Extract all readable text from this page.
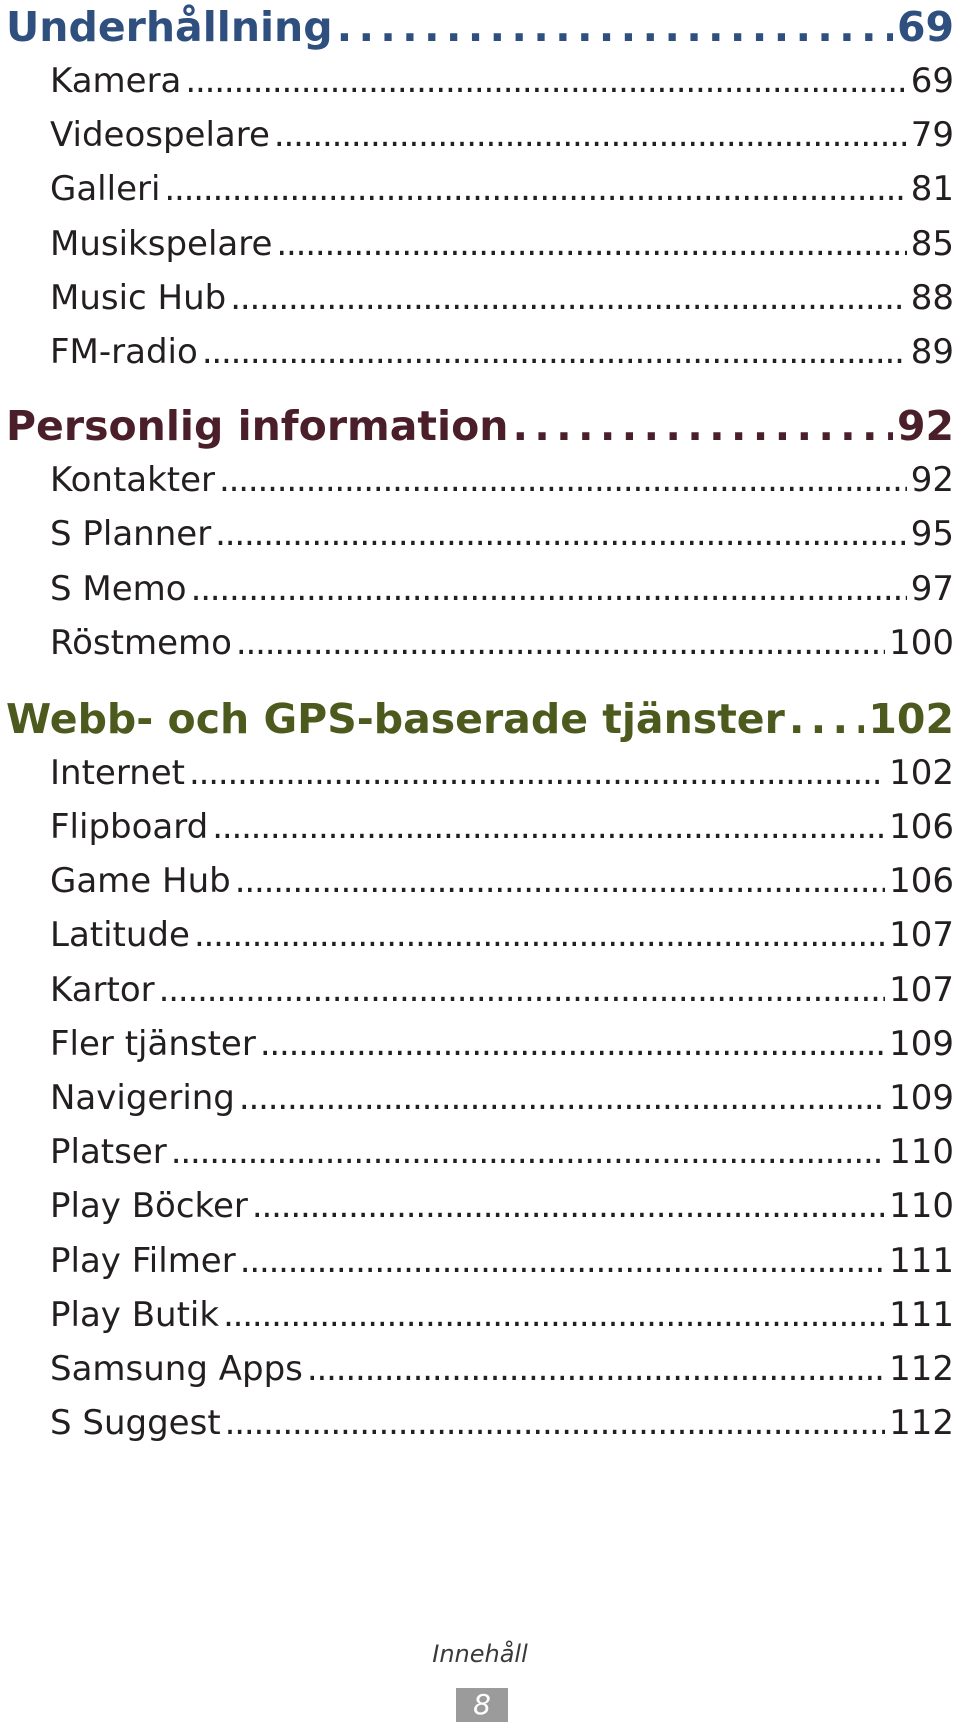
Underhållning . . .	69
Kamera . . .	69
Videospelare . . .	79
Galleri . . .	81
Musikspelare . . .	85
Music Hub . . .	88
FM-radio . . .	89
Personlig information . . .	92
Kontakter . . .	92
S Planner . . .	95
S Memo . . .	97
Röstmemo . . .	100
Webb- och GPS-baserade tjänster . . . 102
Internet . . .	102
Flipboard . . .	106
Game Hub . . .	106
Latitude . . .	107
Kartor . . .	107
Fler tjänster . . .	109
Navigering . . .	109
Platser . . .	110
Play Böcker . . .	110
Play Filmer . . .	111
Play Butik . . .	111
Samsung Apps . . .	112
S Suggest . . .	112
Innehåll
8
